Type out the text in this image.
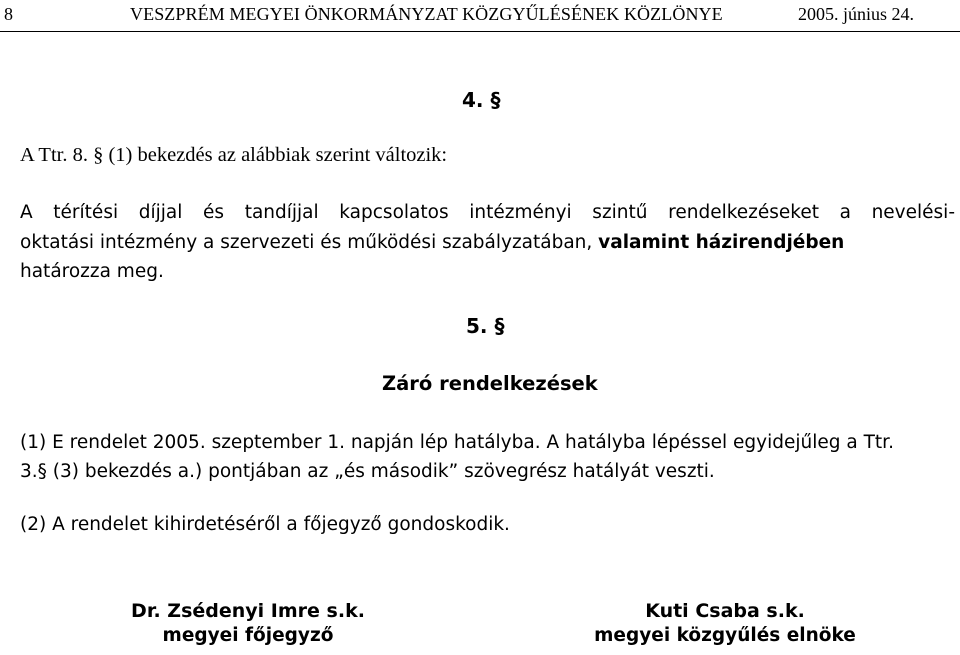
8	VESZPRÉM MEGYEI ÖNKORMÁNYZAT KÖZGYŰLÉSÉNEK KÖZLÖNYE	2005. június 24.
4. §
A Ttr. 8. § (1) bekezdés az alábbiak szerint változik:
A térítési díjjal és tandíjjal kapcsolatos intézményi szintű rendelkezéseket a nevelési-
oktatási intézmény a szervezeti és működési szabályzatában, valamint házirendjében
határozza meg.
5. §
Záró rendelkezések
(1) E rendelet 2005. szeptember 1. napján lép hatályba. A hatályba lépéssel egyidejűleg a Ttr.
3.§ (3) bekezdés a.) pontjában az „és második” szövegrész hatályát veszti.
(2) A rendelet kihirdetéséről a főjegyző gondoskodik.
Dr. Zsédenyi Imre s.k.
megyei főjegyző
Kuti Csaba s.k.
megyei közgyűlés elnöke
